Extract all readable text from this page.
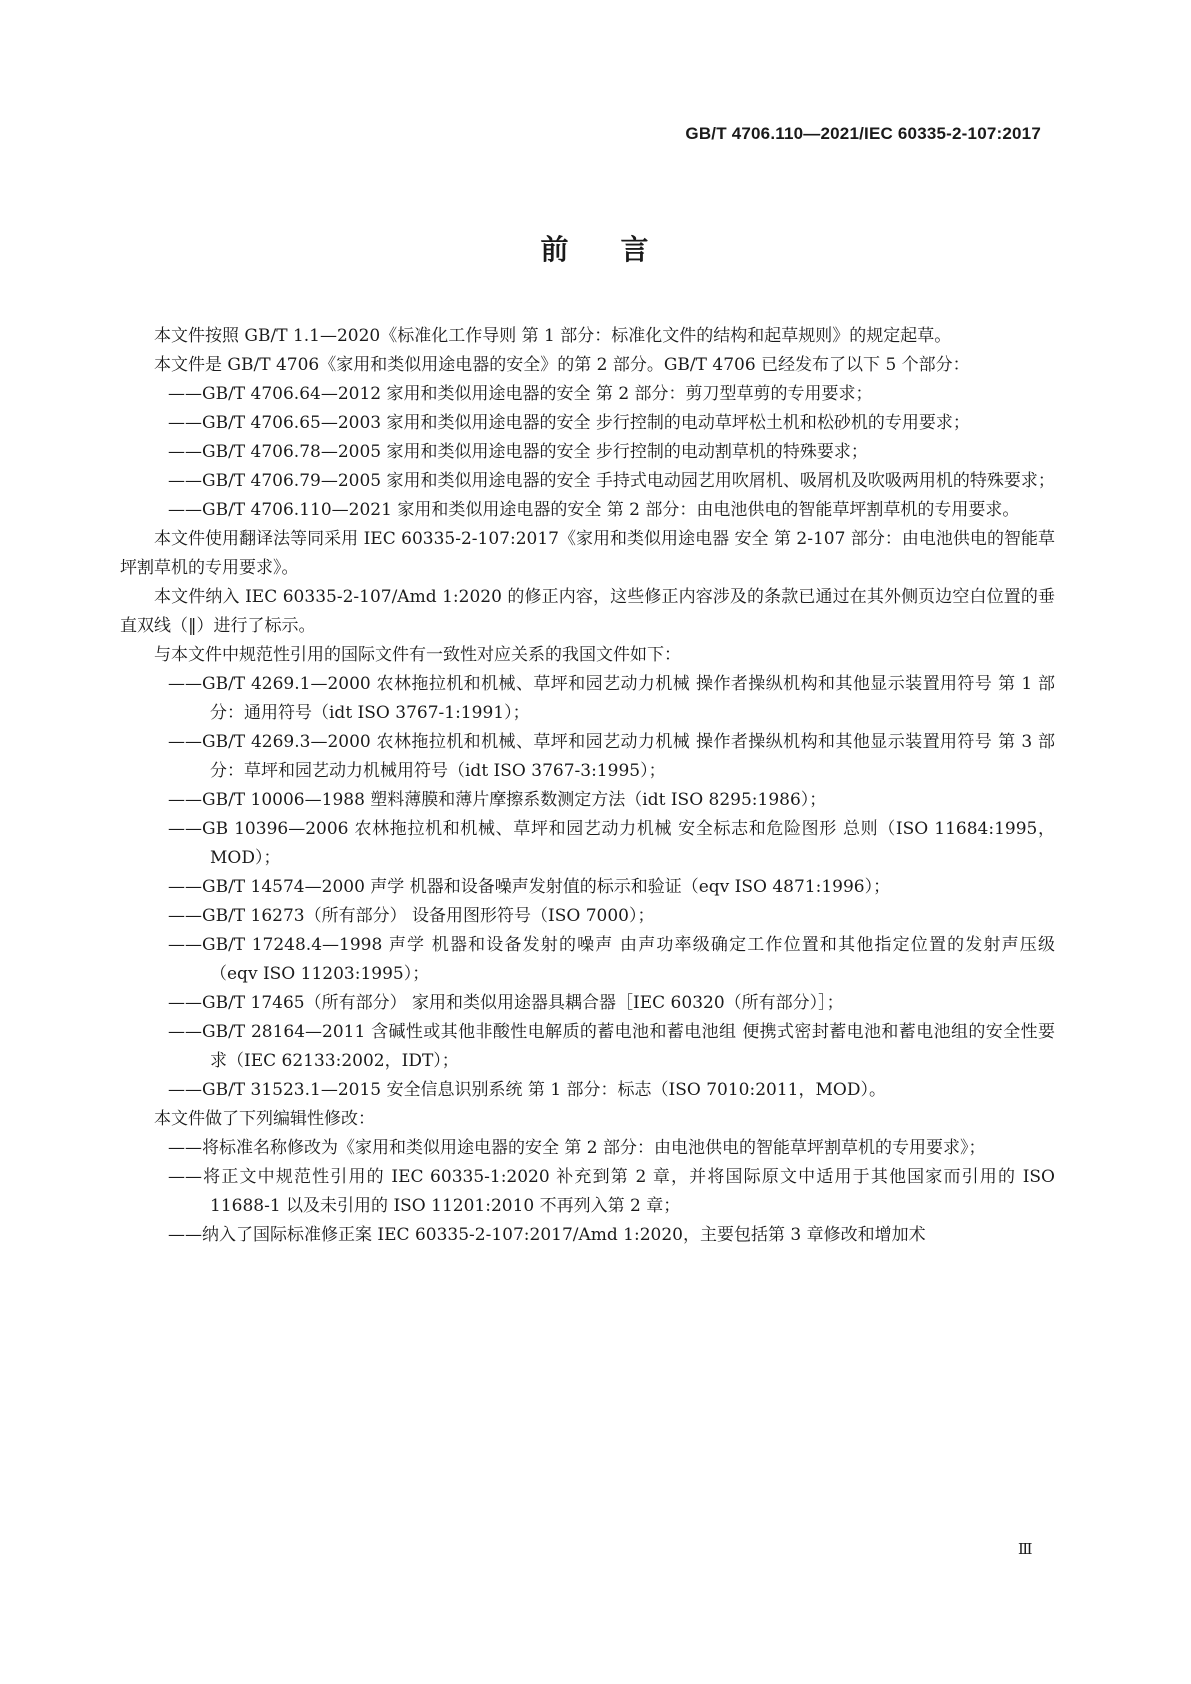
GB/T 4706.110—2021/IEC 60335-2-107:2017
前 言

本文件按照 GB/T 1.1—2020《标准化工作导则 第 1 部分：标准化文件的结构和起草规则》的规定起草。

本文件是 GB/T 4706《家用和类似用途电器的安全》的第 2 部分。GB/T 4706 已经发布了以下 5 个部分：

——GB/T 4706.64—2012 家用和类似用途电器的安全 第 2 部分：剪刀型草剪的专用要求；

——GB/T 4706.65—2003 家用和类似用途电器的安全 步行控制的电动草坪松土机和松砂机的专用要求；

——GB/T 4706.78—2005 家用和类似用途电器的安全 步行控制的电动割草机的特殊要求；

——GB/T 4706.79—2005 家用和类似用途电器的安全 手持式电动园艺用吹屑机、吸屑机及吹吸两用机的特殊要求；

——GB/T 4706.110—2021 家用和类似用途电器的安全 第 2 部分：由电池供电的智能草坪割草机的专用要求。

本文件使用翻译法等同采用 IEC 60335-2-107:2017《家用和类似用途电器 安全 第 2-107 部分：由电池供电的智能草坪割草机的专用要求》。

本文件纳入 IEC 60335-2-107/Amd 1:2020 的修正内容，这些修正内容涉及的条款已通过在其外侧页边空白位置的垂直双线（‖）进行了标示。

与本文件中规范性引用的国际文件有一致性对应关系的我国文件如下：

——GB/T 4269.1—2000 农林拖拉机和机械、草坪和园艺动力机械 操作者操纵机构和其他显示装置用符号 第 1 部分：通用符号（idt ISO 3767-1:1991）；

——GB/T 4269.3—2000 农林拖拉机和机械、草坪和园艺动力机械 操作者操纵机构和其他显示装置用符号 第 3 部分：草坪和园艺动力机械用符号（idt ISO 3767-3:1995）；

——GB/T 10006—1988 塑料薄膜和薄片摩擦系数测定方法（idt ISO 8295:1986）；

——GB 10396—2006 农林拖拉机和机械、草坪和园艺动力机械 安全标志和危险图形 总则（ISO 11684:1995，MOD）；

——GB/T 14574—2000 声学 机器和设备噪声发射值的标示和验证（eqv ISO 4871:1996）；

——GB/T 16273（所有部分） 设备用图形符号（ISO 7000）；

——GB/T 17248.4—1998 声学 机器和设备发射的噪声 由声功率级确定工作位置和其他指定位置的发射声压级（eqv ISO 11203:1995）；

——GB/T 17465（所有部分） 家用和类似用途器具耦合器［IEC 60320（所有部分）］；

——GB/T 28164—2011 含碱性或其他非酸性电解质的蓄电池和蓄电池组 便携式密封蓄电池和蓄电池组的安全性要求（IEC 62133:2002，IDT）；

——GB/T 31523.1—2015 安全信息识别系统 第 1 部分：标志（ISO 7010:2011，MOD）。

本文件做了下列编辑性修改：

——将标准名称修改为《家用和类似用途电器的安全 第 2 部分：由电池供电的智能草坪割草机的专用要求》；

——将正文中规范性引用的 IEC 60335-1:2020 补充到第 2 章，并将国际原文中适用于其他国家而引用的 ISO 11688-1 以及未引用的 ISO 11201:2010 不再列入第 2 章；

——纳入了国际标准修正案 IEC 60335-2-107:2017/Amd 1:2020，主要包括第 3 章修改和增加术

Ⅲ
